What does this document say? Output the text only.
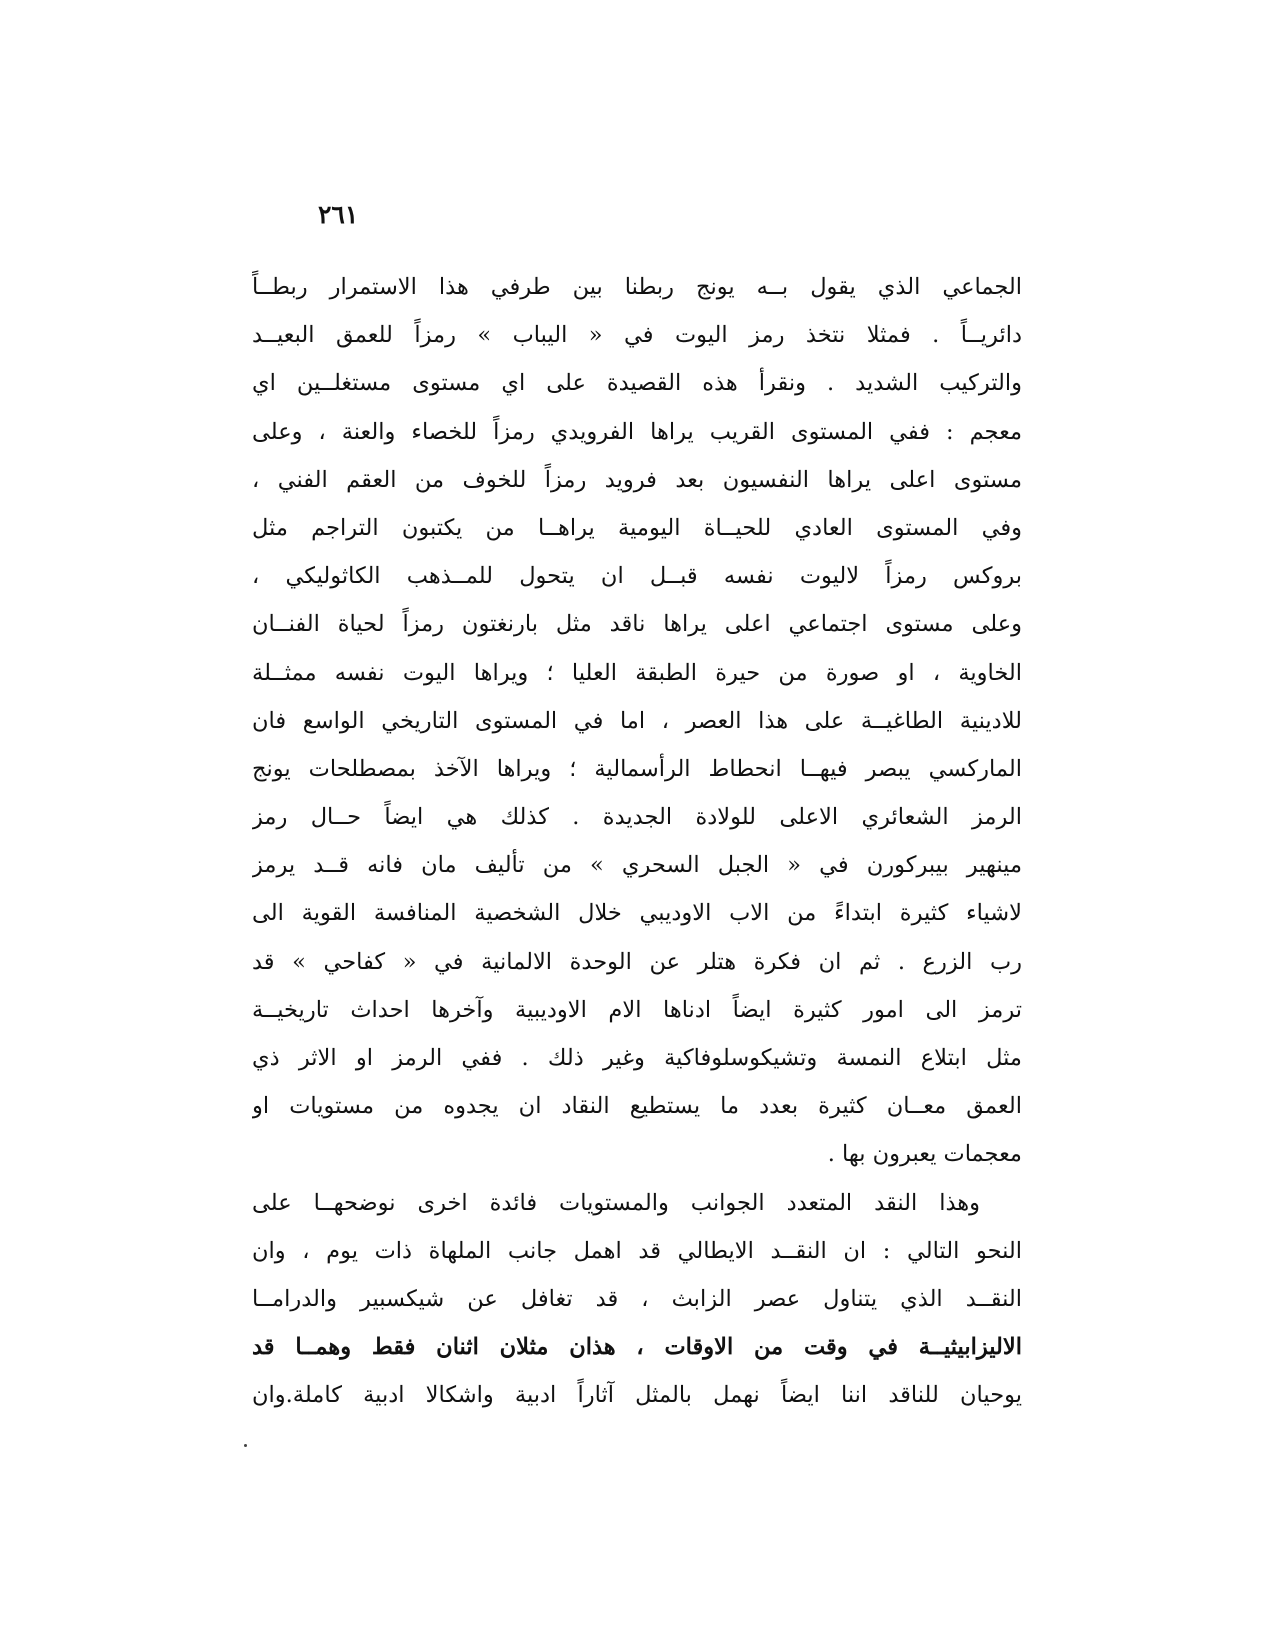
٢٦١
الجماعي الذي يقول بــه يونج ربطنا بين طرفي هذا الاستمرار ربطــاً
دائريــاً . فمثلا نتخذ رمز اليوت في « اليباب » رمزاً للعمق البعيــد
والتركيب الشديد . ونقرأ هذه القصيدة على اي مستوى مستغلــين اي
معجم : ففي المستوى القريب يراها الفرويدي رمزاً للخصاء والعنة ، وعلى
مستوى اعلى يراها النفسيون بعد فرويد رمزاً للخوف من العقم الفني ،
وفي المستوى العادي للحيــاة اليومية يراهــا من يكتبون التراجم مثل
بروكس رمزاً لاليوت نفسه قبــل ان يتحول للمــذهب الكاثوليكي ،
وعلى مستوى اجتماعي اعلى يراها ناقد مثل بارنغتون رمزاً لحياة الفنــان
الخاوية ، او صورة من حيرة الطبقة العليا ؛ ويراها اليوت نفسه ممثــلة
للادينية الطاغيــة على هذا العصر ، اما في المستوى التاريخي الواسع فان
الماركسي يبصر فيهــا انحطاط الرأسمالية ؛ ويراها الآخذ بمصطلحات يونج
الرمز الشعائري الاعلى للولادة الجديدة . كذلك هي ايضاً حــال رمز
مينهير بيبركورن في « الجبل السحري » من تأليف مان فانه قــد يرمز
لاشياء كثيرة ابتداءً من الاب الاوديبي خلال الشخصية المنافسة القوية الى
رب الزرع . ثم ان فكرة هتلر عن الوحدة الالمانية في « كفاحي » قد
ترمز الى امور كثيرة ايضاً ادناها الام الاوديبية وآخرها احداث تاريخيــة
مثل ابتلاع النمسة وتشيكوسلوفاكية وغير ذلك . ففي الرمز او الاثر ذي
العمق معــان كثيرة بعدد ما يستطيع النقاد ان يجدوه من مستويات او
معجمات يعبرون بها .
وهذا النقد المتعدد الجوانب والمستويات فائدة اخرى نوضحهــا على
النحو التالي : ان النقــد الايطالي قد اهمل جانب الملهاة ذات يوم ، وان
النقــد الذي يتناول عصر الزابث ، قد تغافل عن شيكسبير والدرامــا
الاليزابيثيــة في وقت من الاوقات ، هذان مثلان اثنان فقط وهمــا قد
يوحيان للناقد اننا ايضاً نهمل بالمثل آثاراً ادبية واشكالا ادبية كاملة.وان
